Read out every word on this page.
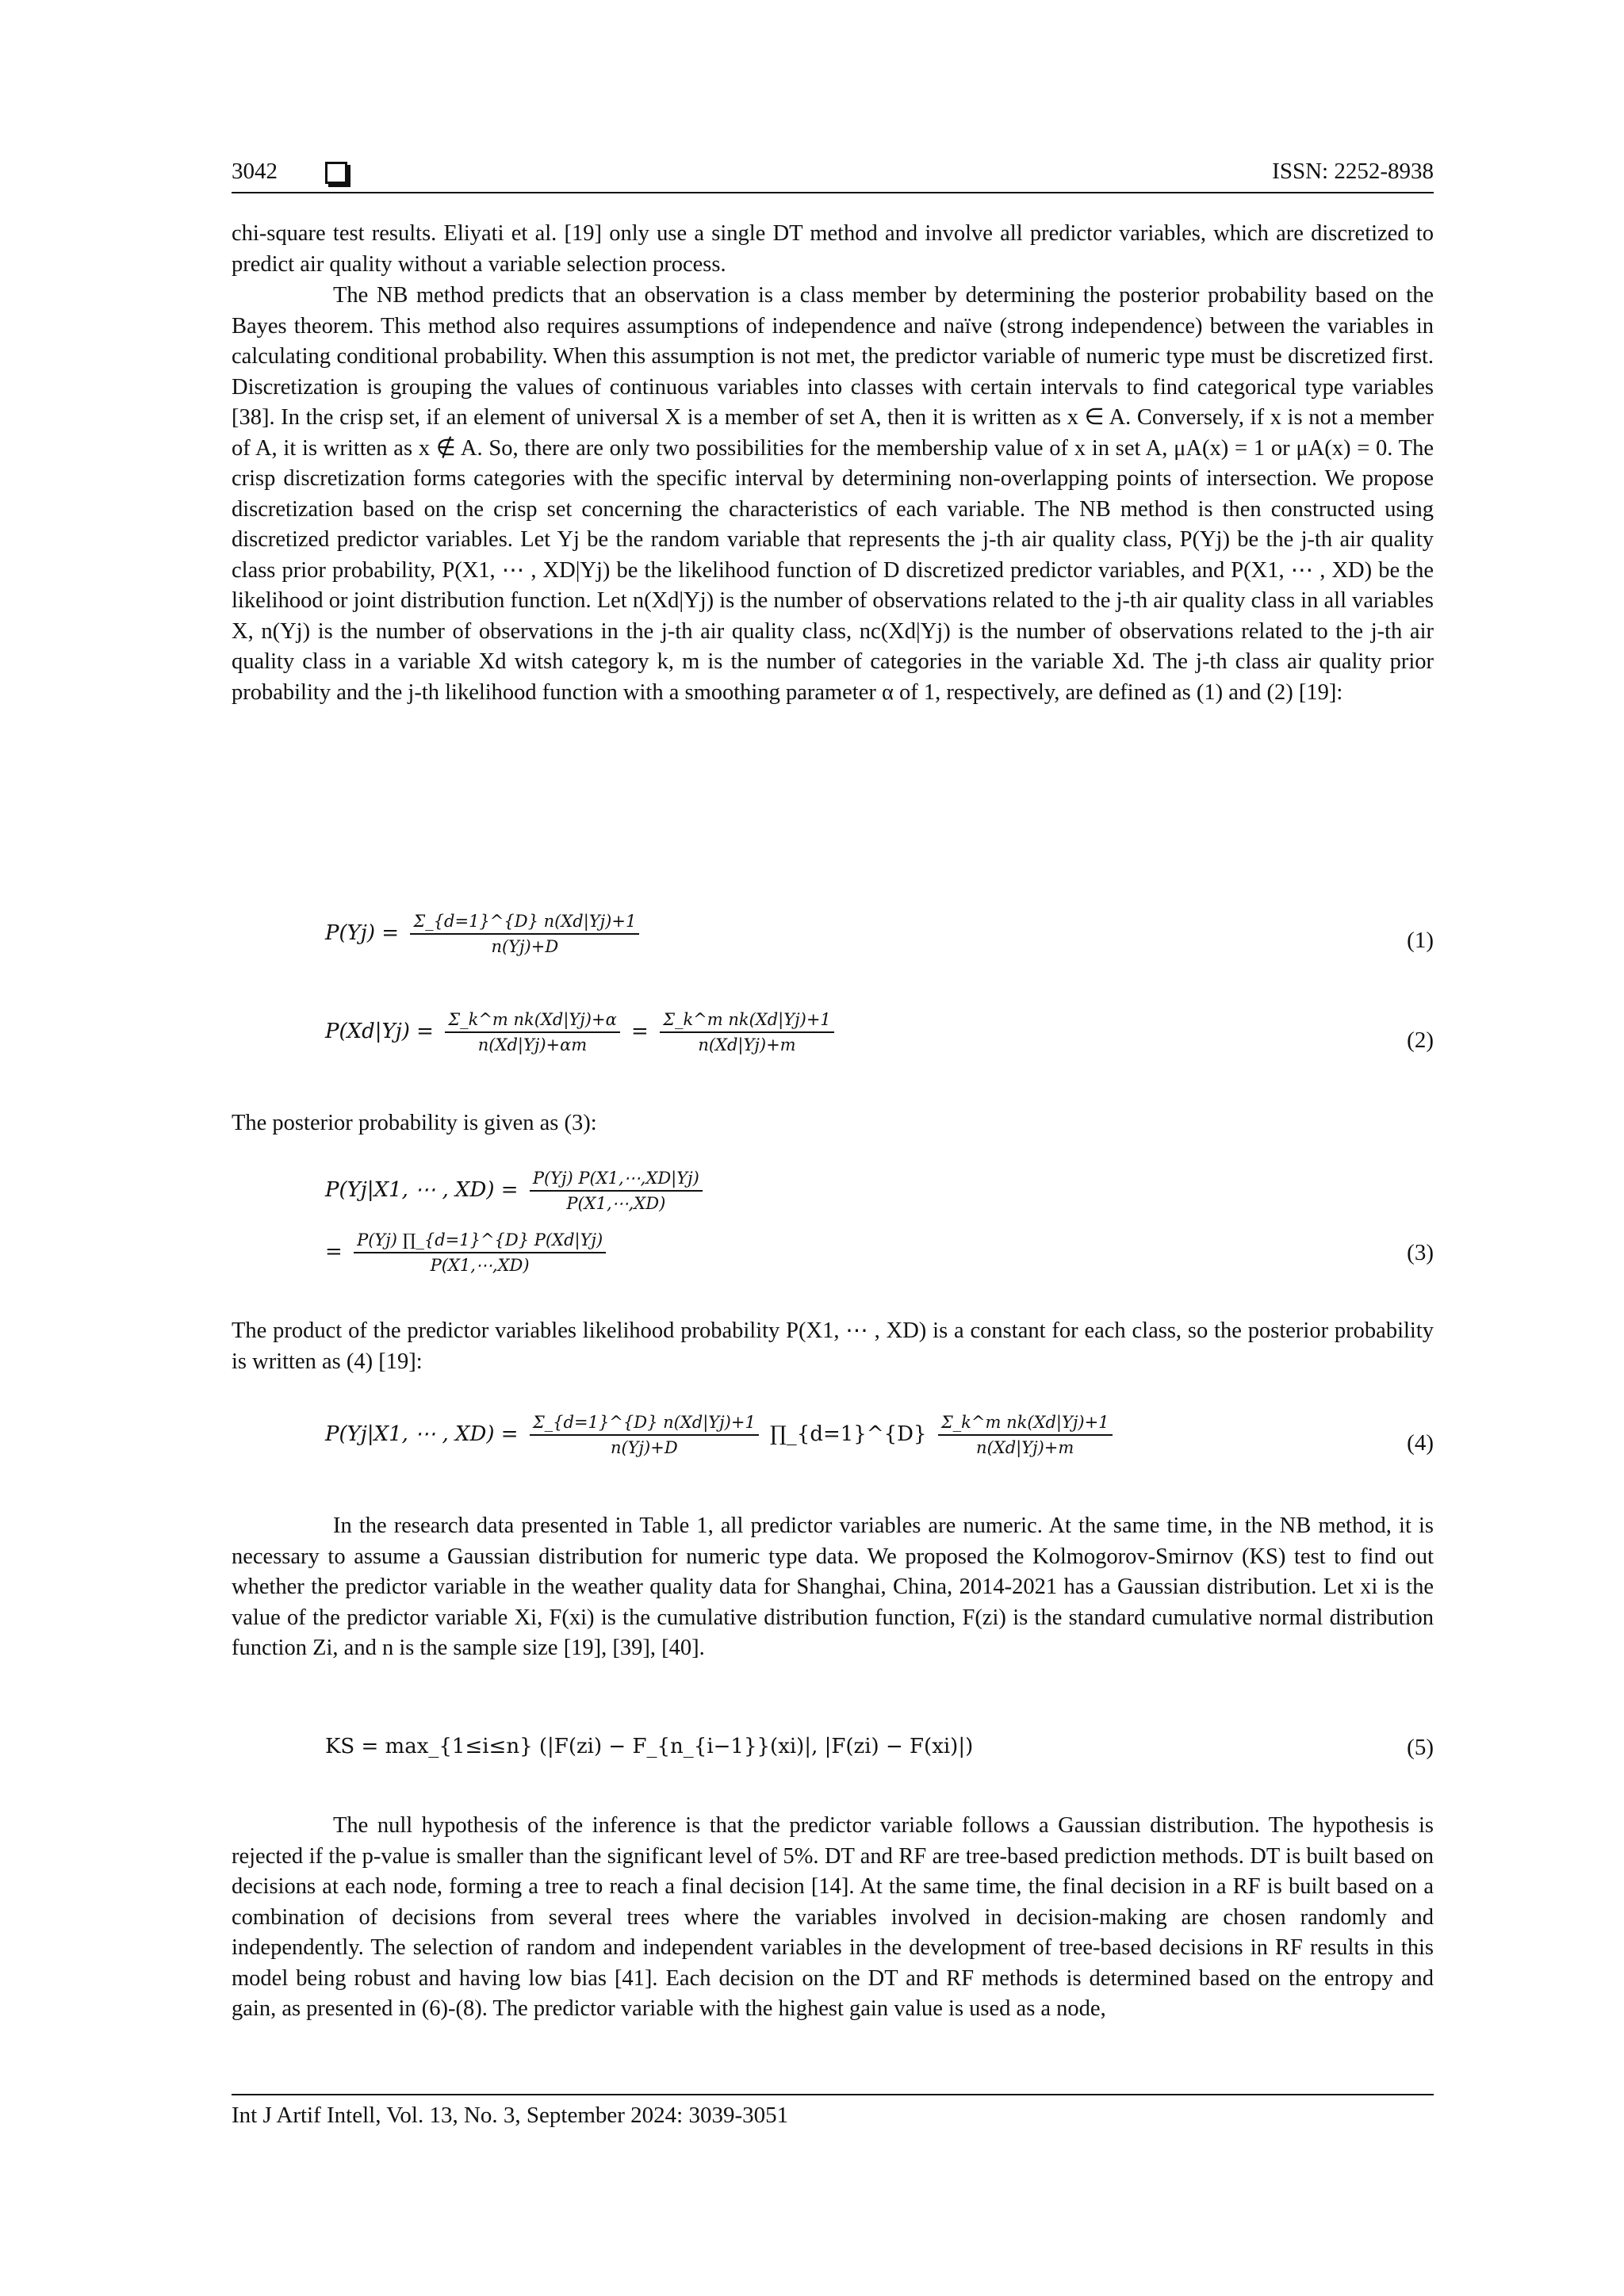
3042	ISSN: 2252-8938

chi-square test results. Eliyati et al. [19] only use a single DT method and involve all predictor variables, which are discretized to predict air quality without a variable selection process.

The NB method predicts that an observation is a class member by determining the posterior probability based on the Bayes theorem. This method also requires assumptions of independence and naïve (strong independence) between the variables in calculating conditional probability. When this assumption is not met, the predictor variable of numeric type must be discretized first. Discretization is grouping the values of continuous variables into classes with certain intervals to find categorical type variables [38]. In the crisp set, if an element of universal X is a member of set A, then it is written as x ∈ A. Conversely, if x is not a member of A, it is written as x ∉ A. So, there are only two possibilities for the membership value of x in set A, μA(x) = 1 or μA(x) = 0. The crisp discretization forms categories with the specific interval by determining non-overlapping points of intersection. We propose discretization based on the crisp set concerning the characteristics of each variable. The NB method is then constructed using discretized predictor variables. Let Yj be the random variable that represents the j-th air quality class, P(Yj) be the j-th air quality class prior probability, P(X1, ⋯ , XD|Yj) be the likelihood function of D discretized predictor variables, and P(X1, ⋯ , XD) be the likelihood or joint distribution function. Let n(Xd|Yj) is the number of observations related to the j-th air quality class in all variables X, n(Yj) is the number of observations in the j-th air quality class, nc(Xd|Yj) is the number of observations related to the j-th air quality class in a variable Xd witsh category k, m is the number of categories in the variable Xd. The j-th class air quality prior probability and the j-th likelihood function with a smoothing parameter α of 1, respectively, are defined as (1) and (2) [19]:

$P(Yj) = \frac{\Sigma\_\{d=1\}\^{}\{D\} n(Xd|Yj)+1}{n(Yj)+D}$	(1)
$P(Xd|Yj) = \frac{\text{Σ\_k\textasciicircum{}m nk(Xd|Yj)+α}}{n(Xd|Yj)+\alpha m} = \frac{\text{Σ\_k\textasciicircum{}m nk(Xd|Yj)+1}}{n(Xd|Yj)+m}$	(2)

The posterior probability is given as (3):

P(Yj|X1, ⋯ , $XD) = \frac{P(Yj) P(X1,\cdots,XD|Yj)}{P(X1,\cdots,XD)}$
= $\frac{P(Yj) \prod\_\{d=1\}\^{}\{D\} P(Xd|Yj)}{P(X1,\cdots,XD)}$	(3)

The product of the predictor variables likelihood probability P(X1, ⋯ , XD) is a constant for each class, so the posterior probability is written as (4) [19]:

P(Yj|X1, ⋯ , $XD) = \frac{\Sigma\_\{d=1\}\^{}\{D\} n(Xd|Yj)+1}{n(Yj)+D}$ ∏_{d=1}^{D} $\frac{\text{Σ\_k\textasciicircum{}m nk(Xd|Yj)+1}}{n(Xd|Yj)+m}$	(4)

In the research data presented in Table 1, all predictor variables are numeric. At the same time, in the NB method, it is necessary to assume a Gaussian distribution for numeric type data. We proposed the Kolmogorov-Smirnov (KS) test to find out whether the predictor variable in the weather quality data for Shanghai, China, 2014-2021 has a Gaussian distribution. Let xi is the value of the predictor variable Xi, F(xi) is the cumulative distribution function, F(zi) is the standard cumulative normal distribution function Zi, and n is the sample size [19], [39], [40].

KS = max_{1≤i≤n} (|F(zi) − F_{n_{i−1}}(xi)|, |F(zi) − F(xi)|)	(5)

The null hypothesis of the inference is that the predictor variable follows a Gaussian distribution. The hypothesis is rejected if the p-value is smaller than the significant level of 5%. DT and RF are tree-based prediction methods. DT is built based on decisions at each node, forming a tree to reach a final decision [14]. At the same time, the final decision in a RF is built based on a combination of decisions from several trees where the variables involved in decision-making are chosen randomly and independently. The selection of random and independent variables in the development of tree-based decisions in RF results in this model being robust and having low bias [41]. Each decision on the DT and RF methods is determined based on the entropy and gain, as presented in (6)-(8). The predictor variable with the highest gain value is used as a node,

Int J Artif Intell, Vol. 13, No. 3, September 2024: 3039-3051
